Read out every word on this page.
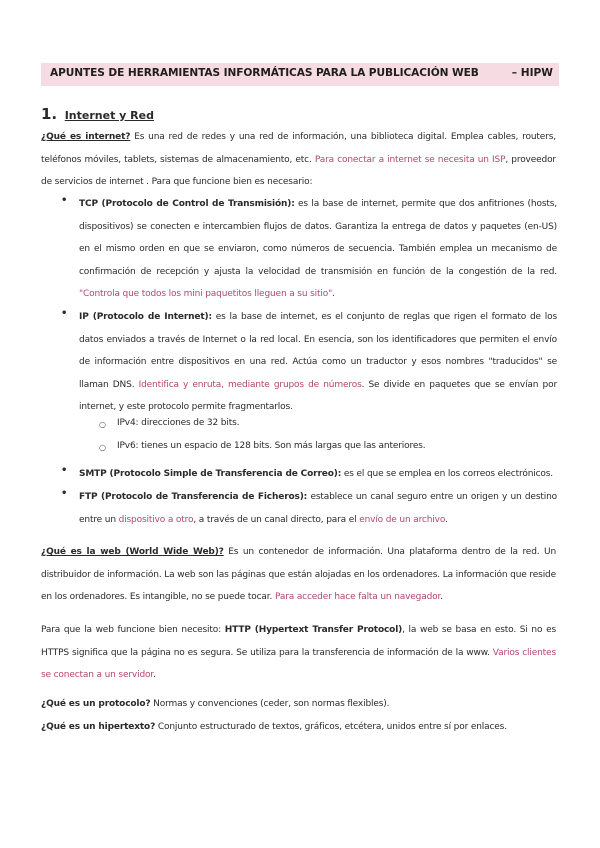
APUNTES DE HERRAMIENTAS INFORMÁTICAS PARA LA PUBLICACIÓN WEB	– HIPW
1. Internet y Red
¿Qué es internet? Es una red de redes y una red de información, una biblioteca digital. Emplea cables, routers, teléfonos móviles, tablets, sistemas de almacenamiento, etc. Para conectar a internet se necesita un ISP, proveedor de servicios de internet . Para que funcione bien es necesario:
• TCP (Protocolo de Control de Transmisión): es la base de internet, permite que dos anfitriones (hosts, dispositivos) se conecten e intercambien flujos de datos. Garantiza la entrega de datos y paquetes (en-US) en el mismo orden en que se enviaron, como números de secuencia. También emplea un mecanismo de confirmación de recepción y ajusta la velocidad de transmisión en función de la congestión de la red. "Controla que todos los mini paquetitos lleguen a su sitio".
• IP (Protocolo de Internet): es la base de internet, es el conjunto de reglas que rigen el formato de los datos enviados a través de Internet o la red local. En esencia, son los identificadores que permiten el envío de información entre dispositivos en una red. Actúa como un traductor y esos nombres "traducidos" se llaman DNS. Identifica y enruta, mediante grupos de números. Se divide en paquetes que se envían por internet, y este protocolo permite fragmentarlos.
○ IPv4: direcciones de 32 bits.
○ IPv6: tienes un espacio de 128 bits. Son más largas que las anteriores.
• SMTP (Protocolo Simple de Transferencia de Correo): es el que se emplea en los correos electrónicos.
• FTP (Protocolo de Transferencia de Ficheros): establece un canal seguro entre un origen y un destino entre un dispositivo a otro, a través de un canal directo, para el envío de un archivo.
¿Qué es la web (World Wide Web)? Es un contenedor de información. Una plataforma dentro de la red. Un distribuidor de información. La web son las páginas que están alojadas en los ordenadores. La información que reside en los ordenadores. Es intangible, no se puede tocar. Para acceder hace falta un navegador.
Para que la web funcione bien necesito: HTTP (Hypertext Transfer Protocol), la web se basa en esto. Si no es HTTPS significa que la página no es segura. Se utiliza para la transferencia de información de la www. Varios clientes se conectan a un servidor.
¿Qué es un protocolo? Normas y convenciones (ceder, son normas flexibles).
¿Qué es un hipertexto? Conjunto estructurado de textos, gráficos, etcétera, unidos entre sí por enlaces.
